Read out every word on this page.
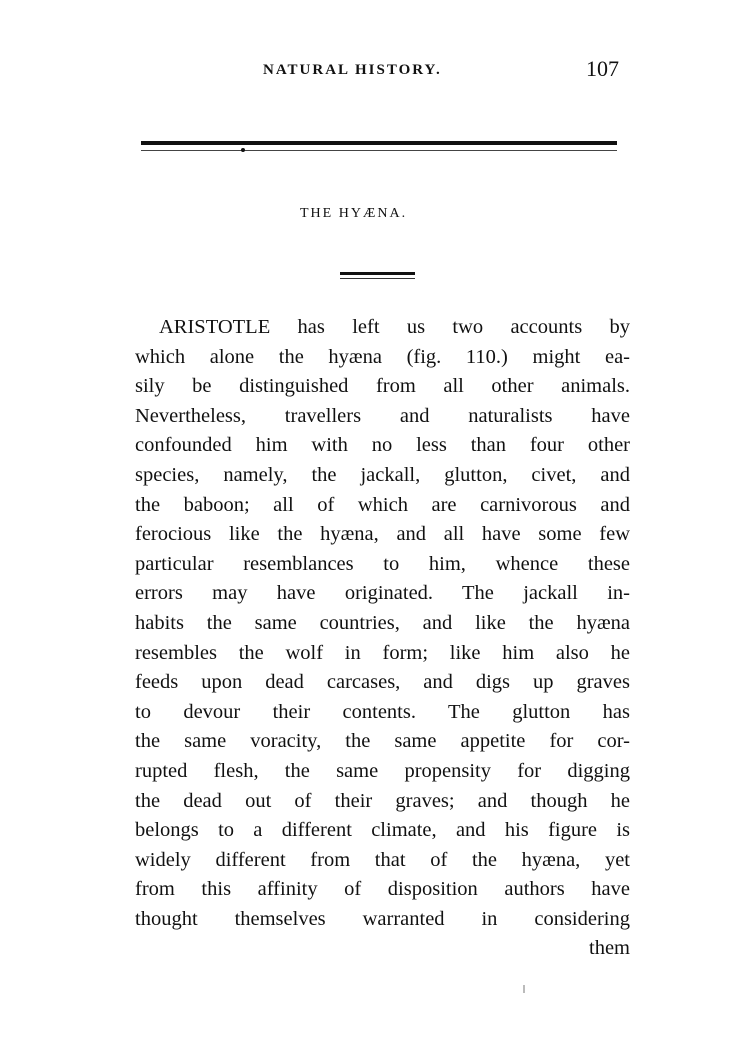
NATURAL HISTORY.	107
THE HYÆNA.
ARISTOTLE has left us two accounts by
which alone the hyæna (fig. 110.) might ea-
sily be distinguished from all other animals.
Nevertheless, travellers and naturalists have
confounded him with no less than four other
species, namely, the jackall, glutton, civet, and
the baboon; all of which are carnivorous and
ferocious like the hyæna, and all have some few
particular resemblances to him, whence these
errors may have originated. The jackall in-
habits the same countries, and like the hyæna
resembles the wolf in form; like him also he
feeds upon dead carcases, and digs up graves
to devour their contents. The glutton has
the same voracity, the same appetite for cor-
rupted flesh, the same propensity for digging
the dead out of their graves; and though he
belongs to a different climate, and his figure is
widely different from that of the hyæna, yet
from this affinity of disposition authors have
thought themselves warranted in considering
them
